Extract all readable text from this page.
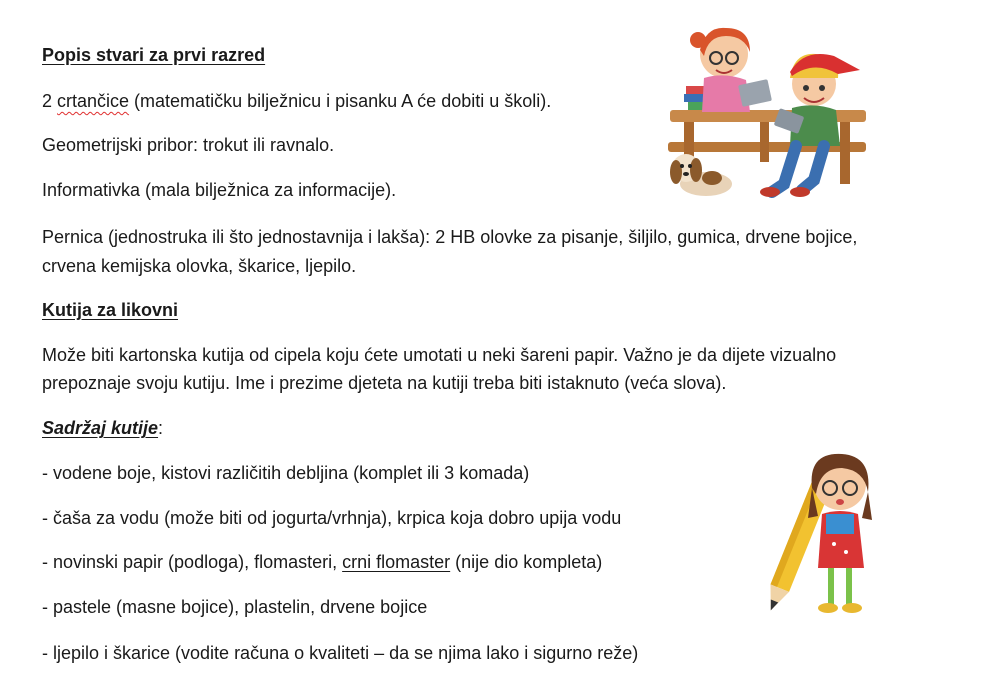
Popis stvari za prvi razred
2 crtančice (matematičku bilježnicu i pisanku A će dobiti u školi).
Geometrijski pribor: trokut ili ravnalo.
Informativka (mala bilježnica za informacije).
Pernica (jednostruka ili što jednostavnija i lakša): 2 HB olovke za pisanje, šiljilo, gumica, drvene bojice,
crvena kemijska olovka, škarice, ljepilo.
Kutija za likovni
Može biti kartonska kutija od cipela koju ćete umotati u neki šareni papir. Važno je da dijete vizualno
prepoznaje svoju kutiju. Ime i prezime djeteta na kutiji treba biti istaknuto (veća slova).
Sadržaj kutije:
- vodene boje, kistovi različitih debljina (komplet ili 3 komada)
- čaša za vodu (može biti od jogurta/vrhnja), krpica koja dobro upija vodu
- novinski papir (podloga), flomasteri, crni flomaster (nije dio kompleta)
- pastele (masne bojice), plastelin, drvene bojice
- ljepilo i škarice (vodite računa o kvaliteti – da se njima lako i sigurno reže)
